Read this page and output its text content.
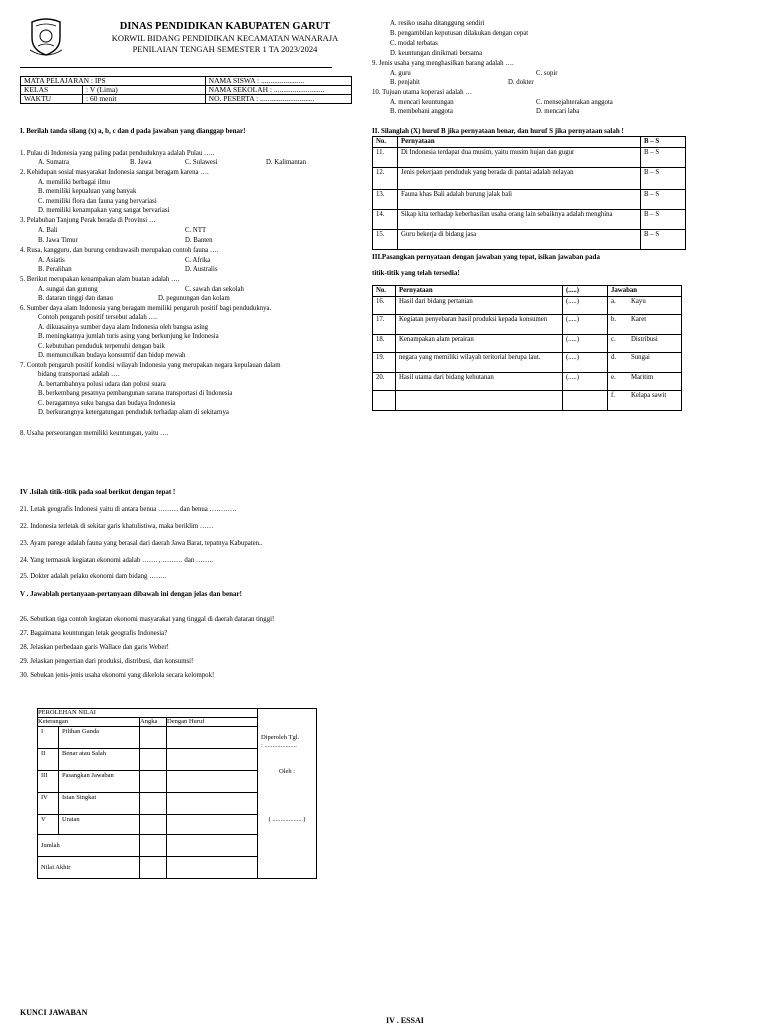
DINAS PENDIDIKAN KABUPATEN GARUT
KORWIL BIDANG PENDIDIKAN KECAMATAN WANARAJA
PENILAIAN TENGAH SEMESTER 1 TA 2023/2024
MATA PELAJARAN : IPS		NAMA SISWA : .......................
KELAS	: V (Lima)	NAMA SEKOLAH : ...........................
WAKTU	: 60 menit	NO. PESERTA : .............................
I. Berilah tanda silang (x) a, b, c dan d pada jawaban yang dianggap benar!
1. Pulau di Indonesia yang paling padat penduduknya adalah Pulau …..
A. Sumatra	B. Jawa	C. Sulawesi	D. Kalimantan
2. Kehidupan sosial masyarakat Indonesia sangat beragam karena ….
A. memiliki berbagai ilmu
B. memiliki kepualuan yang banyak
C. memiliki flora dan fauna yang bervariasi
D. memiliki kenampakan yang sangat bervariasi
3. Pelabuhan Tanjung Perak berada di Provinsi …
A. Bali	C. NTT
B. Jawa Timur	D. Banten
4. Rusa, kangguru, dan burung cendrawasih merupakan contoh fauna ….
A. Asiatis	C. Afrika
B. Peralihan	D. Australis
5. Berikut merupakan kenampakan alam buatan adalah ….
A. sungai dan gunung	C. sawah dan sekolah
B. dataran tinggi dan danau	D. pegunungan dan kolam
6. Sumber daya alam Indonesia yang beragam memiliki pengaruh positif bagi penduduknya.
Contoh pengaruh positif tersebut adalah ….
A. dikuasainya sumber daya alam Indonesia oleh bangsa asing
B. meningkatnya jumlah turis asing yang berkunjung ke Indonesia
C. kebutuhan penduduk terpenuhi dengan baik
D. memunculkan budaya konsumtif dan hidup mewah
7. Contoh pengaruh positif kondisi wilayah Indonesia yang merupakan negara kepulauan dalam
bidang transportasi adalah ….
A. bertambahnya polusi udara dan polusi suara
B. berkembang pesatnya pembangunan sarana transportasi di Indonesia
C. beragamnya suku bangsa dan budaya Indonesia
D. berkurangnya ketergatungan penduduk terhadap alam di sekitarnya
8. Usaha perseorangan memiliki keuntungan, yaitu ….
A. resiko usaha ditanggung sendiri
B. pengambilan keputusan dilakukan dengan cepat
C. modal terbatas
D. keuntungan dinikmati bersama
9. Jenis usaha yang menghasilkan barang adalah ….
A. guru	C. sopir
B. penjahit	D. dokter
10. Tujuan utama koperasi adalah …
A. mencari keuntungan	C. mensejahterakan anggota
B. membebani anggota	D. mencari laba
II. Silanglah (X) huruf B jika pernyataan benar, dan huruf S jika pernyataan salah !
No.	Pernyataan	B – S
11.	Di Indonesia terdapat dua musim, yaitu musim hujan dan gugur	B – S
12.	Jenis pekerjaan penduduk yang berada di pantai adalah nelayan	B – S
13.	Fauna khas Bali adalah burung jalak bali	B – S
14.	Sikap kita terhadap keberhasilan usaha orang lain sebaiknya adalah menghina	B – S
15.	Guru bekerja di bidang jasa	B – S
III.Pasangkan pernyataan dengan jawaban yang tepat, isikan jawaban pada
titik-titik yang telah tersedia!
No.	Pernyataan	(.....)	Jawaban	
16.	Hasil dari bidang pertanian	(.....)	a.	Kayu
17.	Kegiatan penyebaran hasil produksi kepada konsumen	(.....)	b.	Karet
18.	Kenampakan alam perairan	(.....)	c.	Distribusi
19.	negara yang memiliki wilayah teritorial berupa laut.	(.....)	d.	Sungai
20.	Hasil utama dari bidang kehutanan	(.....)	e.	Maritim
			f.	Kelapa sawit
IV .Isilah titik-titik pada soal berikut dengan tepat !
21. Letak geografis Indonesi yaitu di antara benua ……… dan benua …………
22. Indonesia terletak di sekitar garis khatulistiwa, maka beriklim ……
23. Ayam parege adalah fauna yang berasal dari daerah Jawa Barat, tepatnya Kabupaten..
24. Yang termasuk kegiatan ekonomi adalah ……. , ……… dan ……..
25. Dokter adalah pelaku ekonomi dam bidang ……..
V . Jawablah pertanyaan-pertanyaan dibawah ini dengan jelas dan benar!
26. Sebutkan tiga contoh kegiatan ekonomi masyarakat yang tinggal di daerah dataran tinggi!
27. Bagaimana keuntungan letak geografis Indonesia?
28. Jelaskan perbedaan garis Wallace dan garis Weber!
29. Jelaskan pengertian dari produksi, distribusi, dan konsumsi!
30. Sebukan jenis-jenis usaha ekonomi yang dikelola secara kelompok!
PEROLEHAN NILAI				Diperoleh Tgl.
: ....................
Oleh :
( .................. )

Keterangan		Angka	Dengan Huruf	
I	Pilihan Ganda			
II	Benar atau Salah			
III	Pasangkan Jawaban			
IV	Isian Singkat			
V	Uraian			
Jumlah				
Nilai Akhir				
KUNCI JAWABAN
IV . ESSAI
